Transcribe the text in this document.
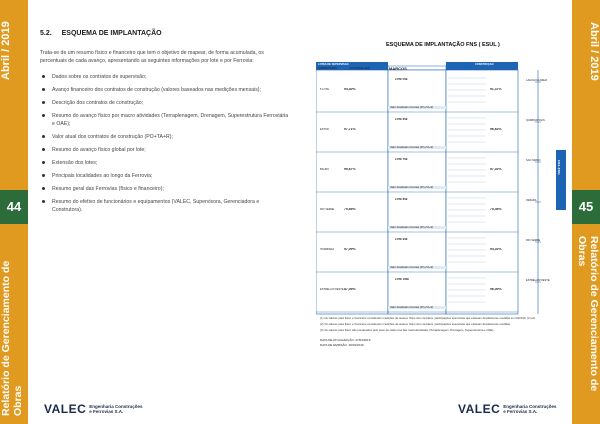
Abril / 2019
44
Relatório de Gerenciamento de Obras
Abril / 2019
45
Relatório de Gerenciamento de Obras
5.2. ESQUEMA DE IMPLANTAÇÃO
Trata-se de um resumo físico e financeiro que tem o objetivo de mapear, de forma acumulada, os percentuais de cada avanço, apresentando as seguintes informações por lote e por Ferrovia:
Dados sobre os contratos de supervisão;
Avanço financeiro dos contratos de construção (valores baseados nas medições mensais);
Descrição dos contratos de construção;
Resumo do avanço físico por macro atividades (Terraplenagem, Drenagem, Superestrutura Ferroviária e OAE);
Valor atual dos contratos de construção (PO+TA+R);
Resumo do avanço físico global por lote;
Extensão dos lotes;
Principais localidades ao longo da Ferrovia;
Resumo geral das Ferrovias (físico e financeiro);
Resumo do efetivo de funcionários e equipamentos (VALEC, Supervisora, Gerenciadora e Construtora).
VALEC Engenharia Construções
e Ferrovias S.A.	VALEC Engenharia Construções
e Ferrovias S.A.
ESQUEMA DE IMPLANTAÇÃO FNS ( ESUL )
LOTES DE SUPERVISÃO
MARCOS
CONSTRUÇÃO
SUPERVISORA	EXTENSÃO (km)
ESUL (FNS)
5 LOTE	94,30%
LOTE 5SE
Valor Atualizado Contrato (PO+TA+R)
91,37%
LAGOA DA AREIA
ESTIVA	97,71%
LOTE 6SE
Valor Atualizado Contrato (PO+TA+R)
96,62%
QUIRINÓPOLIS
BAURU	99,67%
LOTE 7SE
Valor Atualizado Contrato (PO+TA+R)
97,02%
SÃO SIMÃO
RIO VERDE	79,85%
LOTE 8SE
Valor Atualizado Contrato (PO+TA+R)
75,36%
INDIARA
ITUMBIARA	97,09%
LOTE 9SE
Valor Atualizado Contrato (PO+TA+R)
94,02%
RIO VERDE
ESTRELA D'OESTE 87,05%
LOTE 10SE
Valor Atualizado Contrato (PO+TA+R)
96,00%
ESTRELA D'OESTE
(1) Os valores para físico e financeiro consideram medições de avanço físico dos contratos, participações executivas que estavam devidamente medidas em 03/2019, (2) etc.
(2) Os valores para físico e financeiro consideram medições de avanço físico dos contratos, participações executivas que estavam devidamente medidas.
(3) Os valores para físico são ponderados pelo peso de cada uma das macroatividades (Terraplenagem, Drenagem, Superestrutura e OAE).
DATA DE ATUALIZAÇÃO: 27/03/2019
DATA DE EMISSÃO: 26/04/2019
